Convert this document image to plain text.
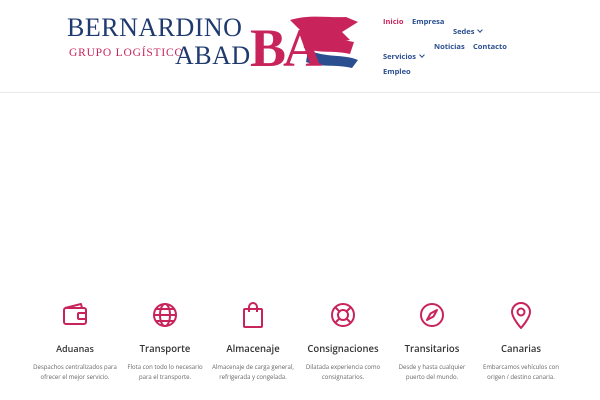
BERNARDINO

GRUPO LOGÍSTICO
ABAD BA	Inicio Empresa
Sedes
Servicios
Noticias Contacto
Empleo
Aduanas
Despachos centralizados para
ofrecer el mejor servicio.
Transporte
Flota con todo lo necesario
para el transporte.
Almacenaje
Almacenaje de carga general,
refrigerada y congelada.
Consignaciones
Dilatada experiencia como
consignatarios.
Transitarios
Desde y hasta cualquier
puerto del mundo.
Canarias
Embarcamos vehículos con
origen / destino canaria.
